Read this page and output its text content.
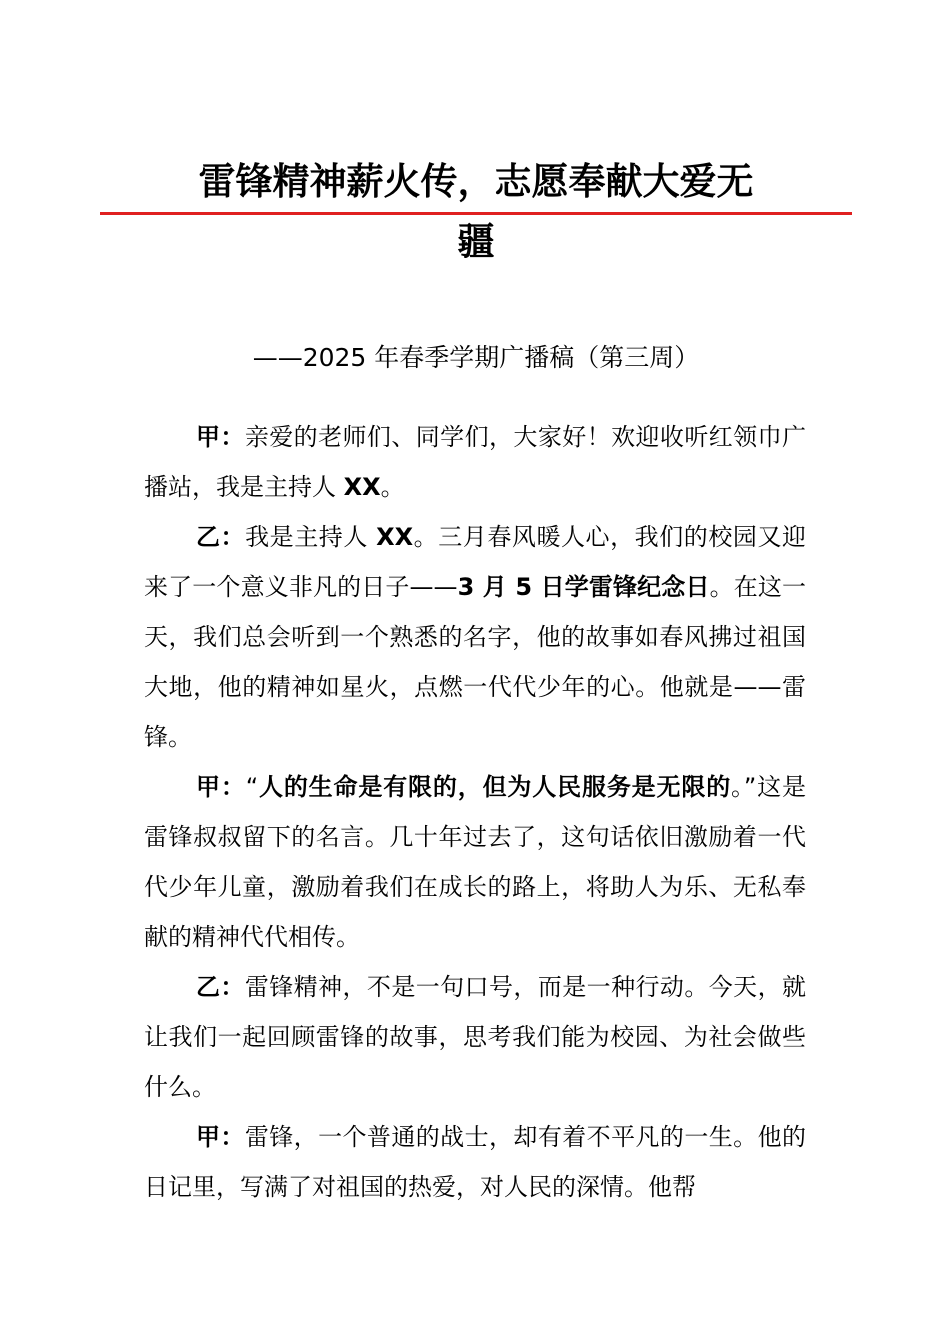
雷锋精神薪火传，志愿奉献大爱无
疆
——2025 年春季学期广播稿（第三周）

甲：亲爱的老师们、同学们，大家好！欢迎收听红领巾广播站，我是主持人 XX。

乙：我是主持人 XX。三月春风暖人心，我们的校园又迎来了一个意义非凡的日子——3 月 5 日学雷锋纪念日。在这一天，我们总会听到一个熟悉的名字，他的故事如春风拂过祖国大地，他的精神如星火，点燃一代代少年的心。他就是——雷锋。

甲：“人的生命是有限的，但为人民服务是无限的。”这是雷锋叔叔留下的名言。几十年过去了，这句话依旧激励着一代代少年儿童，激励着我们在成长的路上，将助人为乐、无私奉献的精神代代相传。

乙：雷锋精神，不是一句口号，而是一种行动。今天，就让我们一起回顾雷锋的故事，思考我们能为校园、为社会做些什么。

甲：雷锋，一个普通的战士，却有着不平凡的一生。他的日记里，写满了对祖国的热爱，对人民的深情。他帮
